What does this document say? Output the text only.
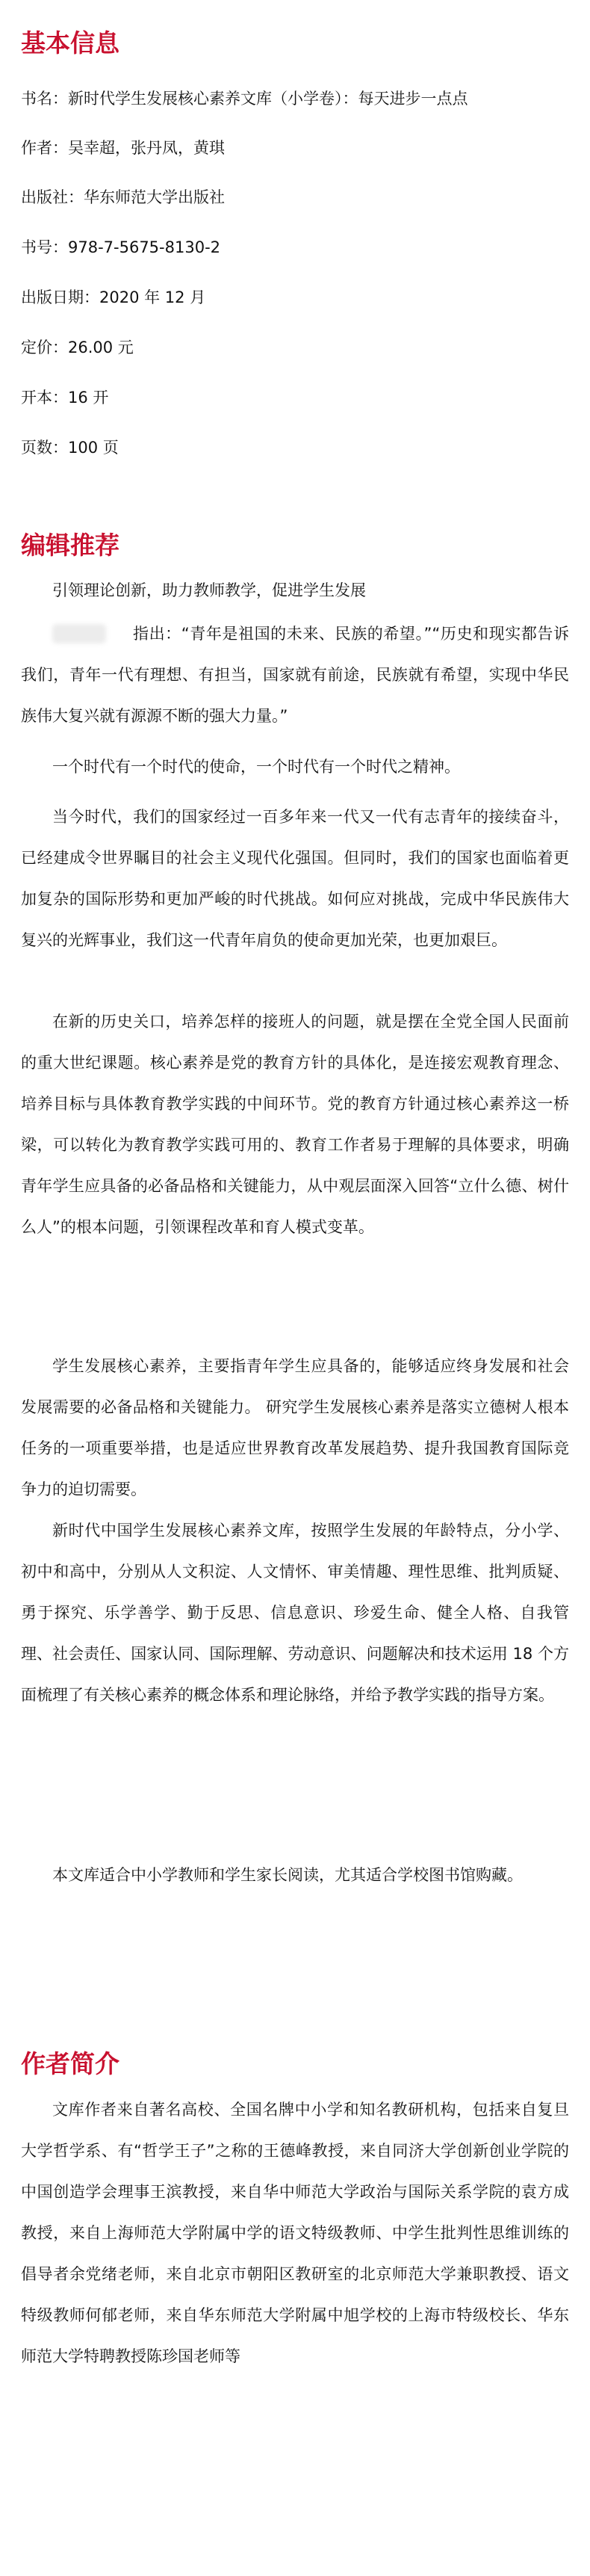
基本信息
书名：新时代学生发展核心素养文库（小学卷）：每天进步一点点
作者：吴幸超，张丹凤，黄琪
出版社：华东师范大学出版社
书号：978-7-5675-8130-2
出版日期：2020 年 12 月
定价：26.00 元
开本：16 开
页数：100 页
编辑推荐

引领理论创新，助力教师教学，促进学生发展

指出：“青年是祖国的未来、民族的希望。”“历史和现实都告诉我们，青年一代有理想、有担当，国家就有前途，民族就有希望，实现中华民族伟大复兴就有源源不断的强大力量。”

一个时代有一个时代的使命，一个时代有一个时代之精神。

当今时代，我们的国家经过一百多年来一代又一代有志青年的接续奋斗，已经建成令世界瞩目的社会主义现代化强国。但同时，我们的国家也面临着更加复杂的国际形势和更加严峻的时代挑战。如何应对挑战，完成中华民族伟大复兴的光辉事业，我们这一代青年肩负的使命更加光荣，也更加艰巨。

在新的历史关口，培养怎样的接班人的问题，就是摆在全党全国人民面前的重大世纪课题。核心素养是党的教育方针的具体化，是连接宏观教育理念、培养目标与具体教育教学实践的中间环节。党的教育方针通过核心素养这一桥梁，可以转化为教育教学实践可用的、教育工作者易于理解的具体要求，明确青年学生应具备的必备品格和关键能力，从中观层面深入回答“立什么德、树什么人”的根本问题，引领课程改革和育人模式变革。

学生发展核心素养，主要指青年学生应具备的，能够适应终身发展和社会发展需要的必备品格和关键能力。 研究学生发展核心素养是落实立德树人根本任务的一项重要举措，也是适应世界教育改革发展趋势、提升我国教育国际竞争力的迫切需要。

新时代中国学生发展核心素养文库，按照学生发展的年龄特点，分小学、初中和高中，分别从人文积淀、人文情怀、审美情趣、理性思维、批判质疑、勇于探究、乐学善学、勤于反思、信息意识、珍爱生命、健全人格、自我管理、社会责任、国家认同、国际理解、劳动意识、问题解决和技术运用 18 个方面梳理了有关核心素养的概念体系和理论脉络，并给予教学实践的指导方案。

本文库适合中小学教师和学生家长阅读，尤其适合学校图书馆购藏。

作者简介

文库作者来自著名高校、全国名牌中小学和知名教研机构，包括来自复旦大学哲学系、有“哲学王子”之称的王德峰教授，来自同济大学创新创业学院的中国创造学会理事王滨教授，来自华中师范大学政治与国际关系学院的袁方成教授，来自上海师范大学附属中学的语文特级教师、中学生批判性思维训练的倡导者余党绪老师，来自北京市朝阳区教研室的北京师范大学兼职教授、语文特级教师何郁老师，来自华东师范大学附属中旭学校的上海市特级校长、华东师范大学特聘教授陈珍国老师等
